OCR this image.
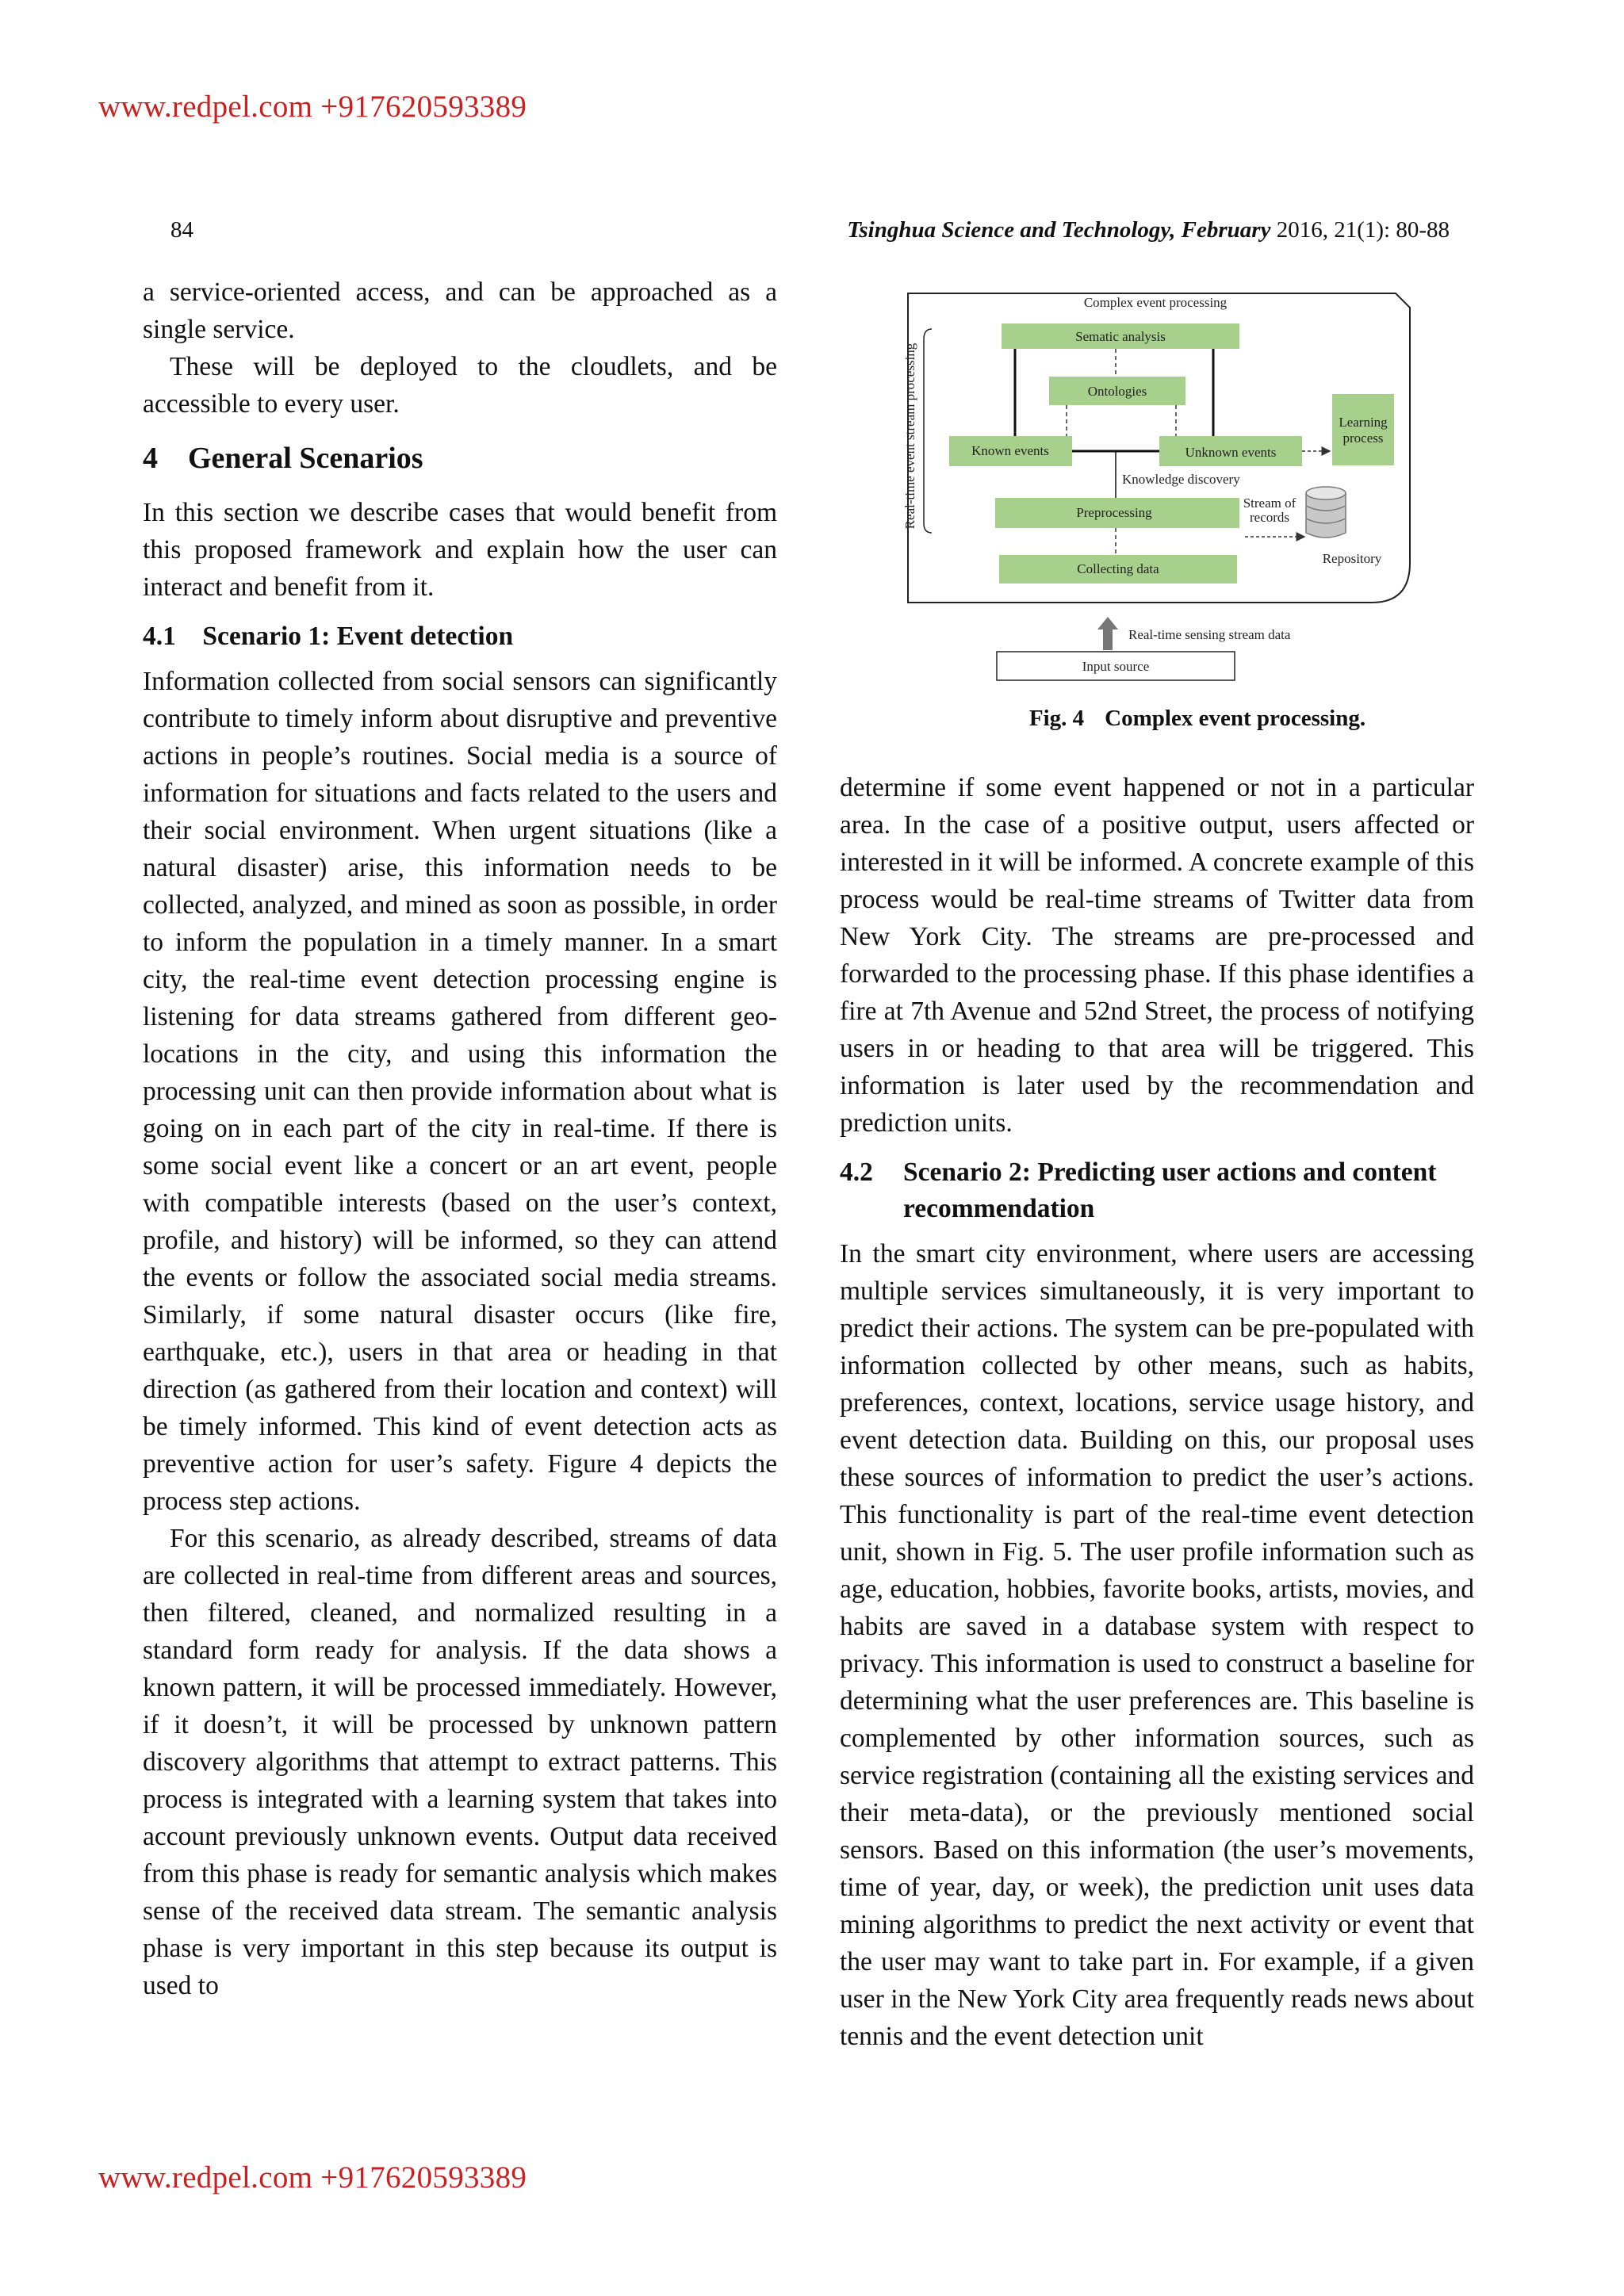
www.redpel.com +917620593389
84	Tsinghua Science and Technology, February 2016, 21(1): 80-88

a service-oriented access, and can be approached as a single service.

These will be deployed to the cloudlets, and be accessible to every user.

4 General Scenarios

In this section we describe cases that would benefit from this proposed framework and explain how the user can interact and benefit from it.

4.1 Scenario 1: Event detection

Information collected from social sensors can significantly contribute to timely inform about disruptive and preventive actions in people’s routines. Social media is a source of information for situations and facts related to the users and their social environment. When urgent situations (like a natural disaster) arise, this information needs to be collected, analyzed, and mined as soon as possible, in order to inform the population in a timely manner. In a smart city, the real-time event detection processing engine is listening for data streams gathered from different geo-locations in the city, and using this information the processing unit can then provide information about what is going on in each part of the city in real-time. If there is some social event like a concert or an art event, people with compatible interests (based on the user’s context, profile, and history) will be informed, so they can attend the events or follow the associated social media streams. Similarly, if some natural disaster occurs (like fire, earthquake, etc.), users in that area or heading in that direction (as gathered from their location and context) will be timely informed. This kind of event detection acts as preventive action for user’s safety. Figure 4 depicts the process step actions.

For this scenario, as already described, streams of data are collected in real-time from different areas and sources, then filtered, cleaned, and normalized resulting in a standard form ready for analysis. If the data shows a known pattern, it will be processed immediately. However, if it doesn’t, it will be processed by unknown pattern discovery algorithms that attempt to extract patterns. This process is integrated with a learning system that takes into account previously unknown events. Output data received from this phase is ready for semantic analysis which makes sense of the received data stream. The semantic analysis phase is very important in this step because its output is used to

Complex event processing
Real-time event stream processing
Sematic analysis
Ontologies
Known events	Unknown events
Learning
process
Preprocessing
Collecting data
Knowledge discovery
Stream of
records
Repository
Real-time sensing stream data
Input source
Fig. 4 Complex event processing.

determine if some event happened or not in a particular area. In the case of a positive output, users affected or interested in it will be informed. A concrete example of this process would be real-time streams of Twitter data from New York City. The streams are pre-processed and forwarded to the processing phase. If this phase identifies a fire at 7th Avenue and 52nd Street, the process of notifying users in or heading to that area will be triggered. This information is later used by the recommendation and prediction units.

4.2	Scenario 2: Predicting user actions and content recommendation

In the smart city environment, where users are accessing multiple services simultaneously, it is very important to predict their actions. The system can be pre-populated with information collected by other means, such as habits, preferences, context, locations, service usage history, and event detection data. Building on this, our proposal uses these sources of information to predict the user’s actions. This functionality is part of the real-time event detection unit, shown in Fig. 5. The user profile information such as age, education, hobbies, favorite books, artists, movies, and habits are saved in a database system with respect to privacy. This information is used to construct a baseline for determining what the user preferences are. This baseline is complemented by other information sources, such as service registration (containing all the existing services and their meta-data), or the previously mentioned social sensors. Based on this information (the user’s movements, time of year, day, or week), the prediction unit uses data mining algorithms to predict the next activity or event that the user may want to take part in. For example, if a given user in the New York City area frequently reads news about tennis and the event detection unit

www.redpel.com +917620593389
